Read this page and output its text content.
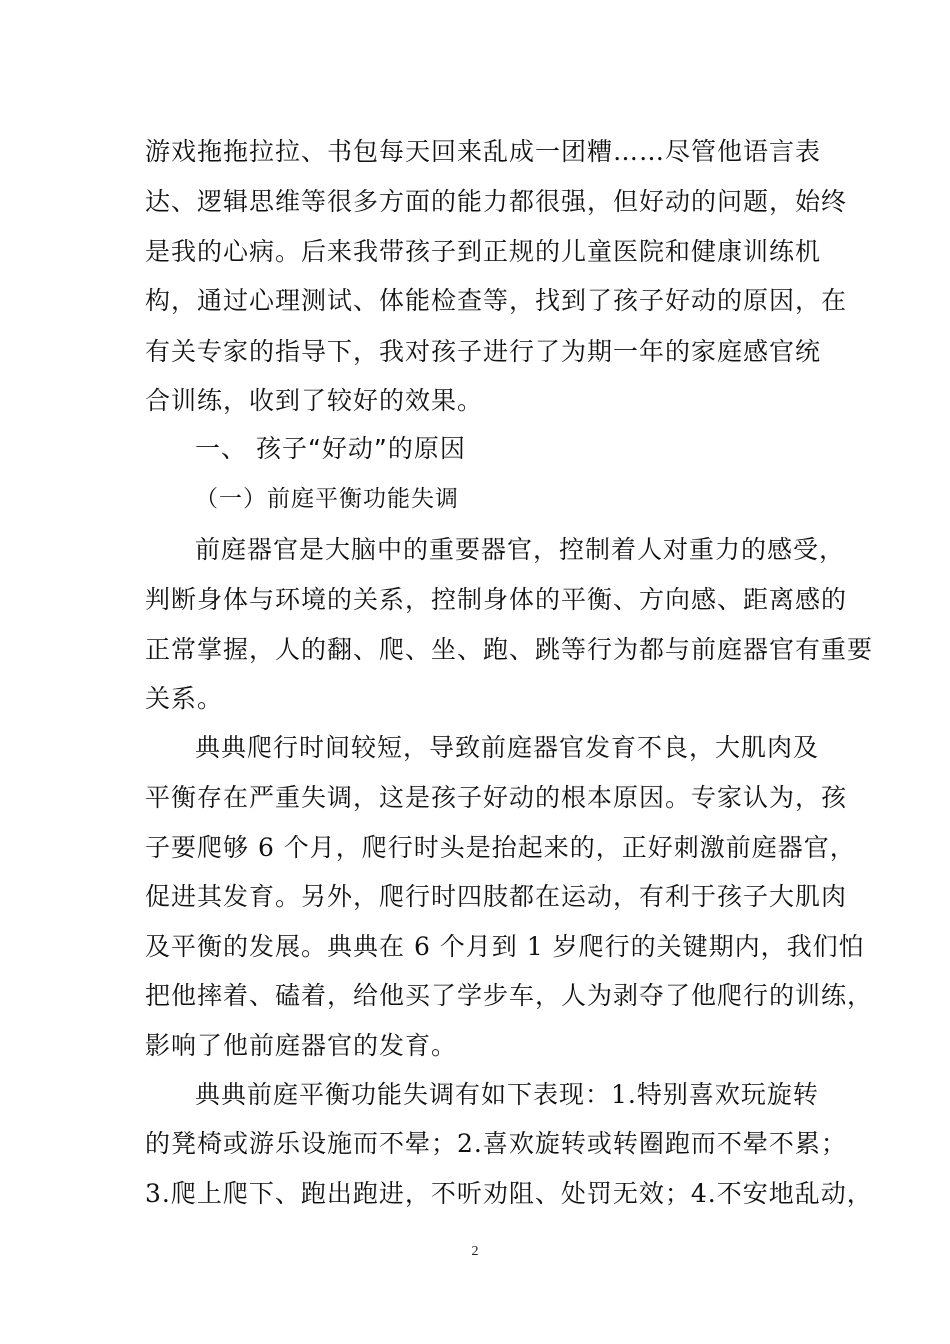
游戏拖拖拉拉、书包每天回来乱成一团糟……尽管他语言表
达、逻辑思维等很多方面的能力都很强，但好动的问题，始终
是我的心病。后来我带孩子到正规的儿童医院和健康训练机
构，通过心理测试、体能检查等，找到了孩子好动的原因，在
有关专家的指导下，我对孩子进行了为期一年的家庭感官统
合训练，收到了较好的效果。
一、 孩子“好动”的原因
（一）前庭平衡功能失调
前庭器官是大脑中的重要器官，控制着人对重力的感受，
判断身体与环境的关系，控制身体的平衡、方向感、距离感的
正常掌握，人的翻、爬、坐、跑、跳等行为都与前庭器官有重要
关系。
典典爬行时间较短，导致前庭器官发育不良，大肌肉及
平衡存在严重失调，这是孩子好动的根本原因。专家认为，孩
子要爬够 6 个月，爬行时头是抬起来的，正好刺激前庭器官，
促进其发育。另外，爬行时四肢都在运动，有利于孩子大肌肉
及平衡的发展。典典在 6 个月到 1 岁爬行的关键期内，我们怕
把他摔着、磕着，给他买了学步车，人为剥夺了他爬行的训练，
影响了他前庭器官的发育。
典典前庭平衡功能失调有如下表现：1.特别喜欢玩旋转
的凳椅或游乐设施而不晕；2.喜欢旋转或转圈跑而不晕不累；
3.爬上爬下、跑出跑进，不听劝阻、处罚无效；4.不安地乱动，
2
